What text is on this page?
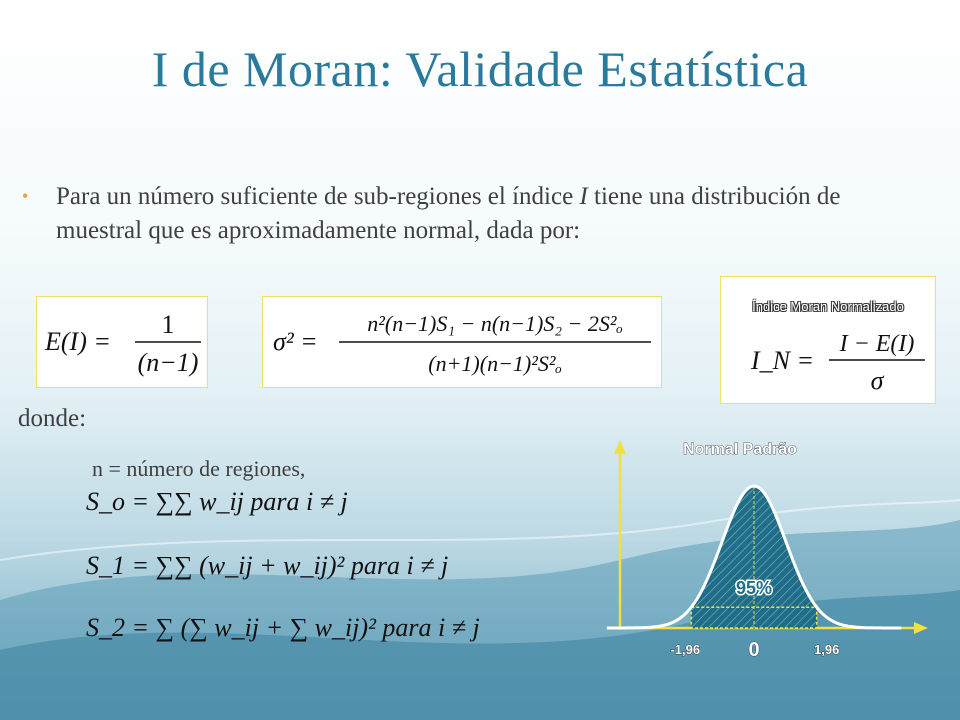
I de Moran: Validade Estatística
• Para un número suficiente de sub-regiones el índice I tiene una distribución de muestral que es aproximadamente normal, dada por:
E(I) =
1
(n−1)
σ² =
n²(n−1)S₁ − n(n−1)S₂ − 2S²ₒ
(n+1)(n−1)²S²ₒ
Índice Moran Normalizado
I_N =
I − E(I)
σ
donde:
n = número de regiones,
S_o = ∑∑ w_ij para i ≠ j
S_1 = ∑∑ (w_ij + w_ij)² para i ≠ j
S_2 = ∑ (∑ w_ij + ∑ w_ij)² para i ≠ j
Normal Padrão
95%
-1,96 0	1,96
